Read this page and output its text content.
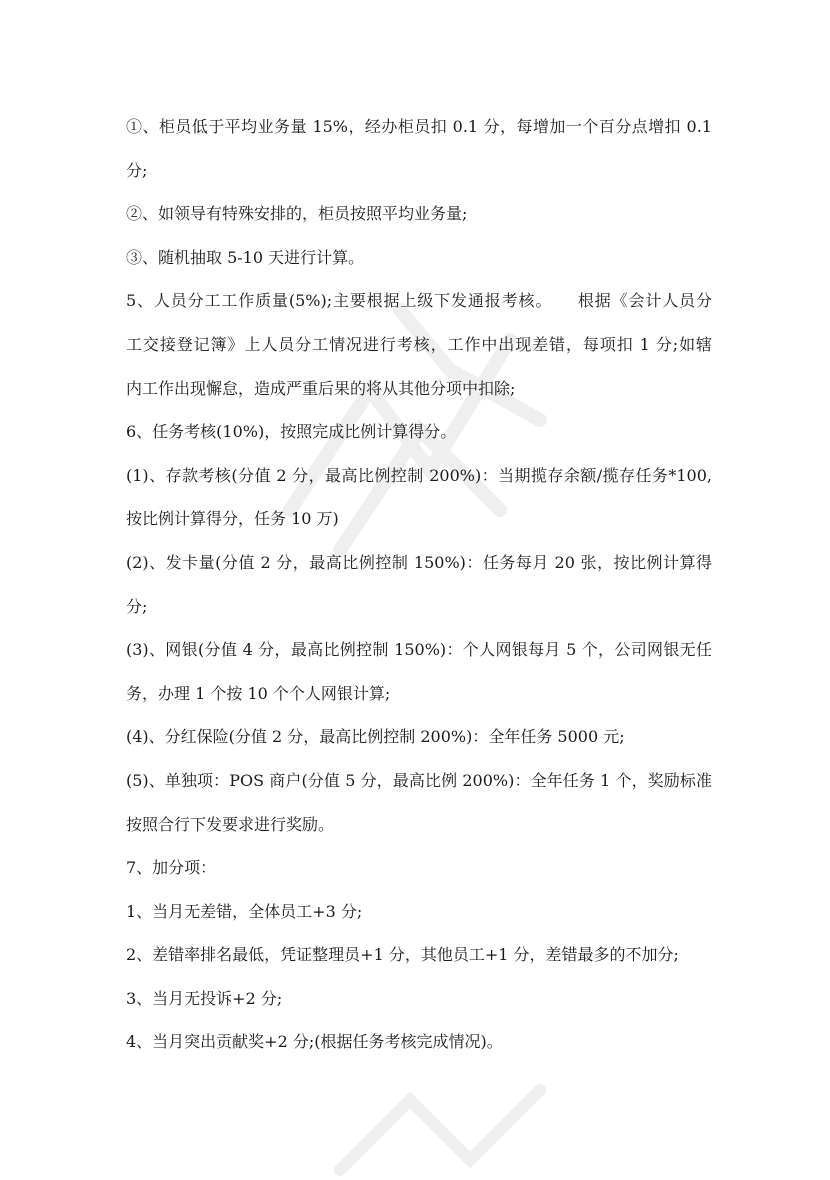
①、柜员低于平均业务量 15%，经办柜员扣 0.1 分，每增加一个百分点增扣 0.1
分;
②、如领导有特殊安排的，柜员按照平均业务量;
③、随机抽取 5-10 天进行计算。
5、人员分工工作质量(5%);主要根据上级下发通报考核。　　根据《会计人员分
工交接登记簿》上人员分工情况进行考核，工作中出现差错，每项扣 1 分;如辖
内工作出现懈怠，造成严重后果的将从其他分项中扣除;
6、任务考核(10%)，按照完成比例计算得分。
(1)、存款考核(分值 2 分，最高比例控制 200%)：当期揽存余额/揽存任务*100,
按比例计算得分，任务 10 万)
(2)、发卡量(分值 2 分，最高比例控制 150%)：任务每月 20 张，按比例计算得
分;
(3)、网银(分值 4 分，最高比例控制 150%)：个人网银每月 5 个，公司网银无任
务，办理 1 个按 10 个个人网银计算;
(4)、分红保险(分值 2 分，最高比例控制 200%)：全年任务 5000 元;
(5)、单独项：POS 商户(分值 5 分，最高比例 200%)：全年任务 1 个，奖励标准
按照合行下发要求进行奖励。
7、加分项：
1、当月无差错，全体员工+3 分;
2、差错率排名最低，凭证整理员+1 分，其他员工+1 分，差错最多的不加分;
3、当月无投诉+2 分;
4、当月突出贡献奖+2 分;(根据任务考核完成情况)。
